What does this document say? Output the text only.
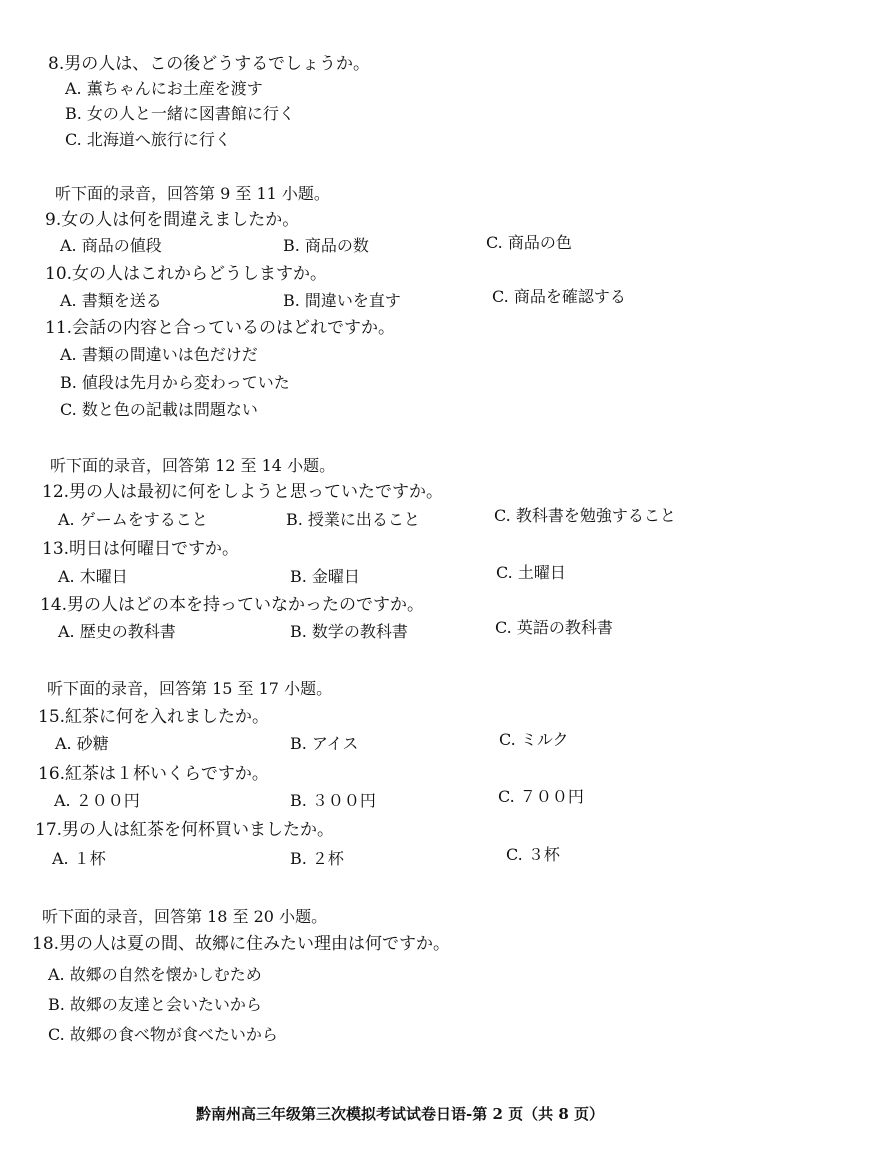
8.男の人は、この後どうするでしょうか。
A. 薫ちゃんにお土産を渡す
B. 女の人と一緒に図書館に行く
C. 北海道へ旅行に行く
听下面的录音，回答第 9 至 11 小题。
9.女の人は何を間違えましたか。
A. 商品の値段	B. 商品の数	C. 商品の色
10.女の人はこれからどうしますか。
A. 書類を送る	B. 間違いを直す	C. 商品を確認する
11.会話の内容と合っているのはどれですか。
A. 書類の間違いは色だけだ
B. 値段は先月から変わっていた
C. 数と色の記載は問題ない
听下面的录音，回答第 12 至 14 小题。
12.男の人は最初に何をしようと思っていたですか。
A. ゲームをすること	B. 授業に出ること	C. 教科書を勉強すること
13.明日は何曜日ですか。
A. 木曜日	B. 金曜日	C. 土曜日
14.男の人はどの本を持っていなかったのですか。
A. 歴史の教科書	B. 数学の教科書	C. 英語の教科書
听下面的录音，回答第 15 至 17 小题。
15.紅茶に何を入れましたか。
A. 砂糖	B. アイス	C. ミルク
16.紅茶は１杯いくらですか。
A. ２００円	B. ３００円	C. ７００円
17.男の人は紅茶を何杯買いましたか。
A. １杯	B. ２杯	C. ３杯
听下面的录音，回答第 18 至 20 小题。
18.男の人は夏の間、故郷に住みたい理由は何ですか。
A. 故郷の自然を懐かしむため
B. 故郷の友達と会いたいから
C. 故郷の食べ物が食べたいから
黔南州高三年级第三次模拟考试试卷日语-第 2 页（共 8 页）
